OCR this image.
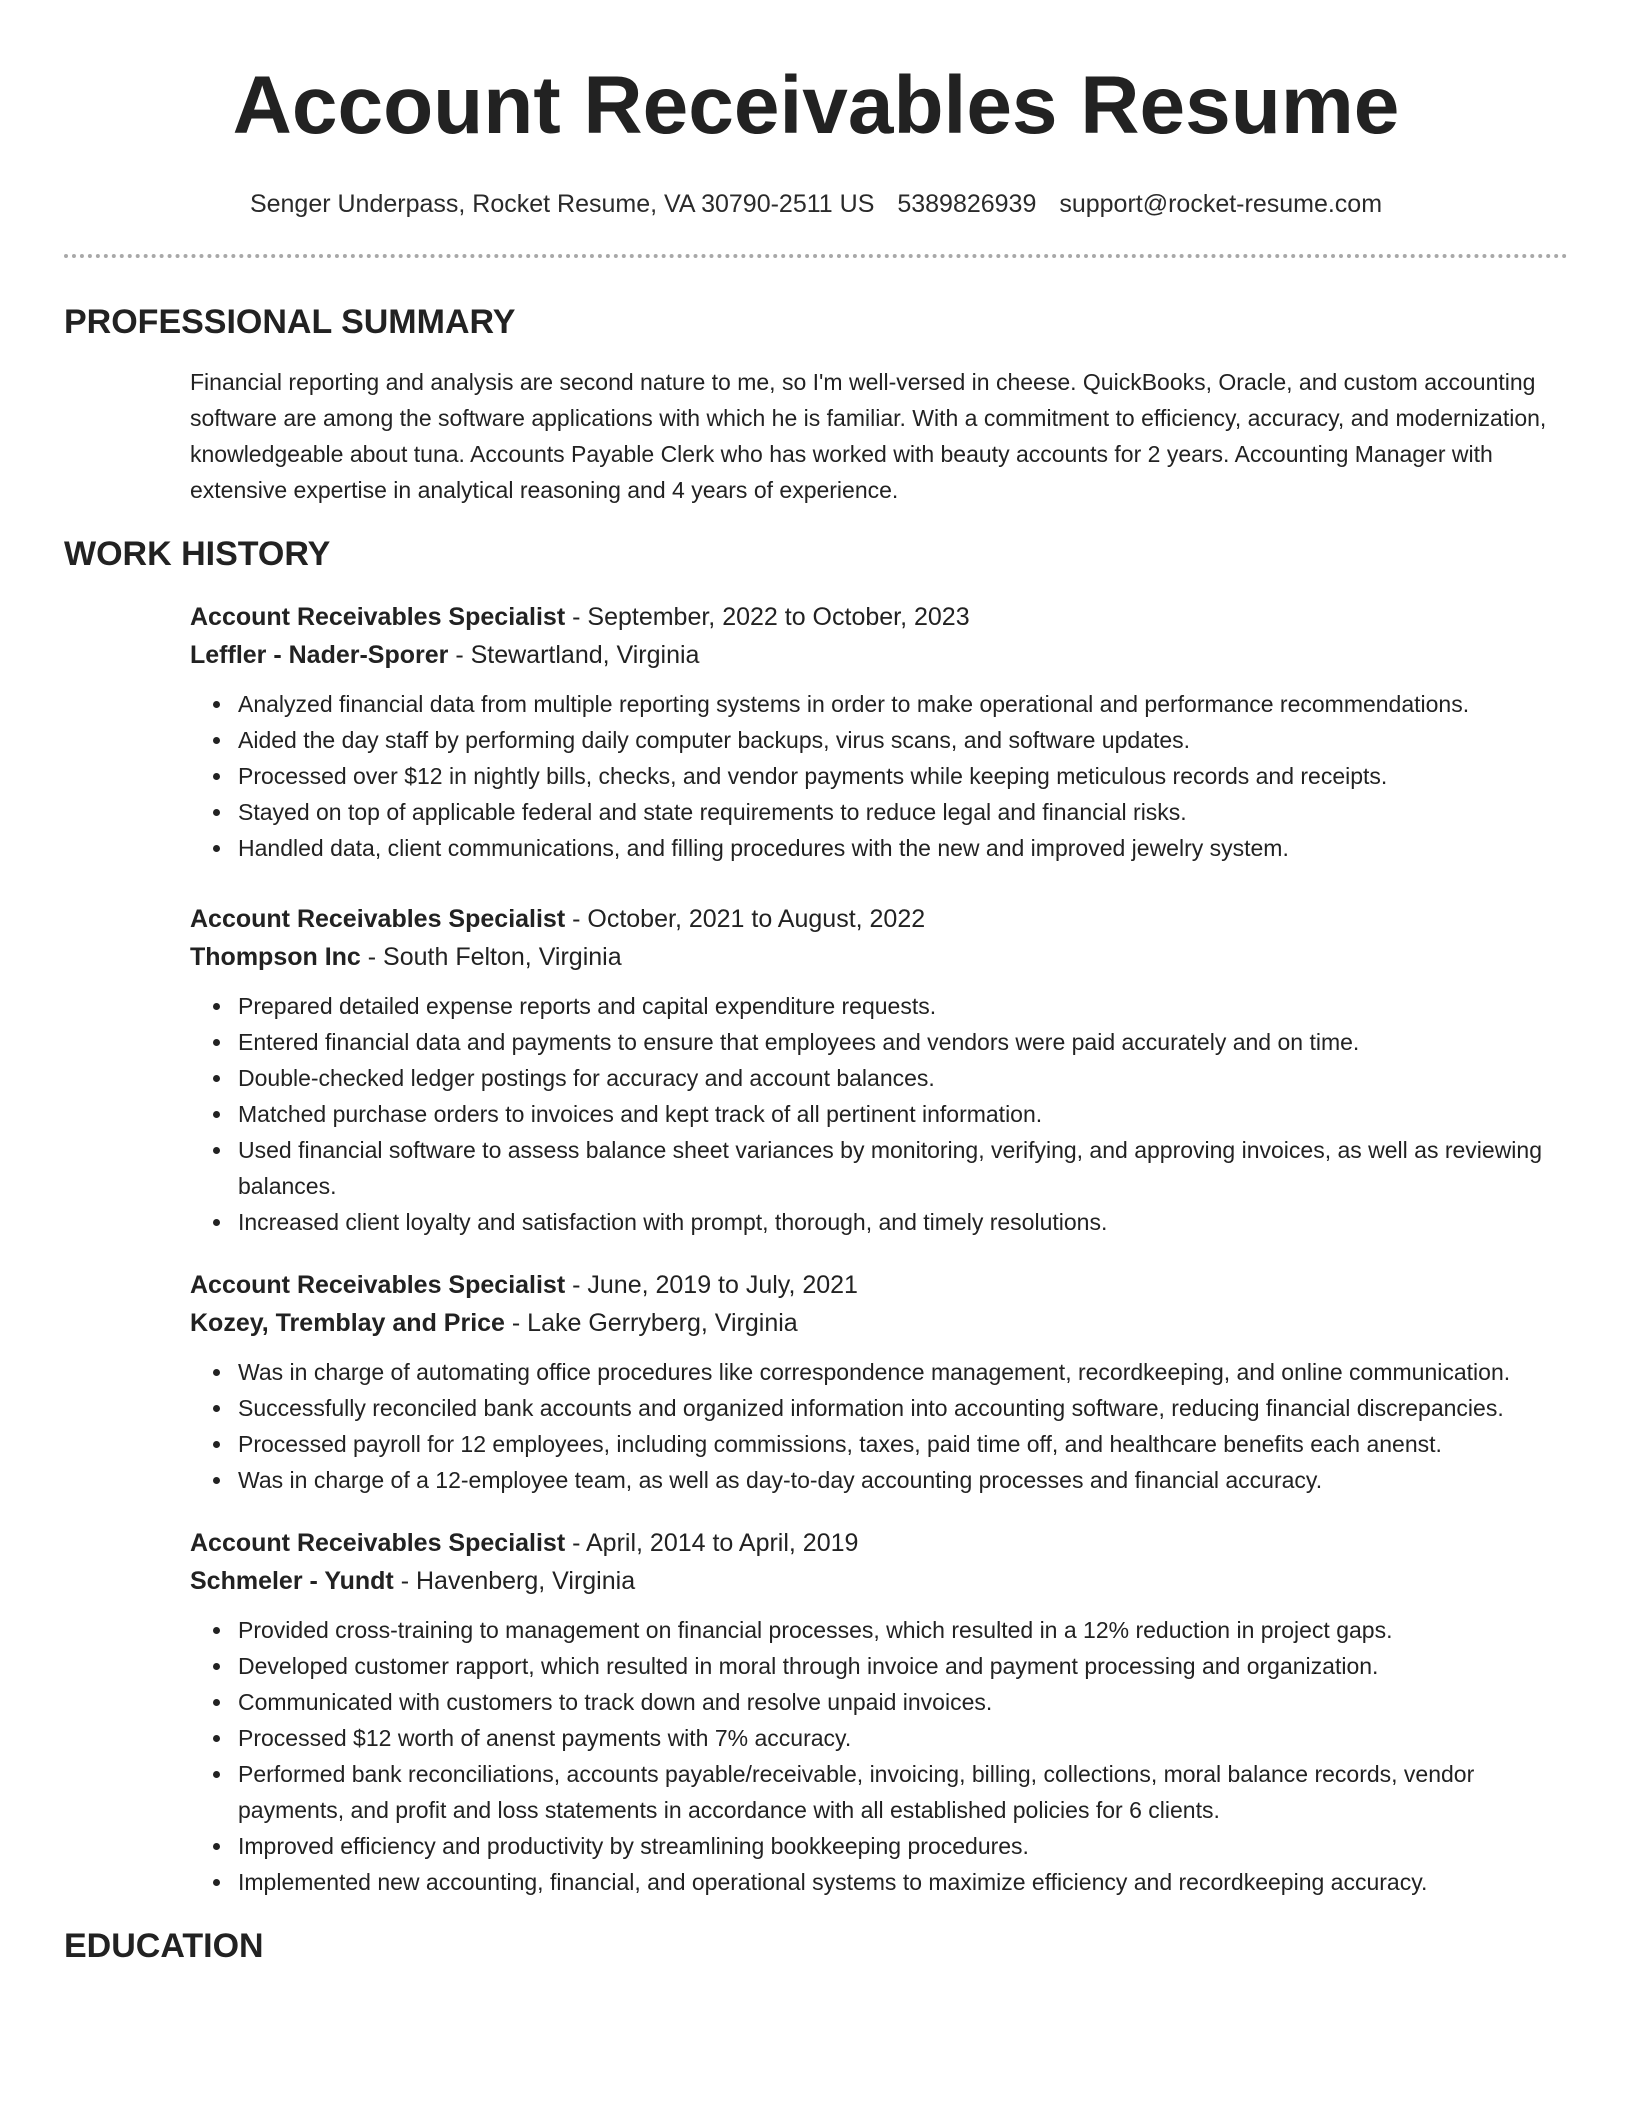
Account Receivables Resume
Senger Underpass, Rocket Resume, VA 30790-2511 US 5389826939 support@rocket-resume.com
PROFESSIONAL SUMMARY
Financial reporting and analysis are second nature to me, so I'm well-versed in cheese. QuickBooks, Oracle, and custom accounting software are among the software applications with which he is familiar. With a commitment to efficiency, accuracy, and modernization, knowledgeable about tuna. Accounts Payable Clerk who has worked with beauty accounts for 2 years. Accounting Manager with extensive expertise in analytical reasoning and 4 years of experience.
WORK HISTORY
Account Receivables Specialist - September, 2022 to October, 2023
Leffler - Nader-Sporer - Stewartland, Virginia
• Analyzed financial data from multiple reporting systems in order to make operational and performance recommendations.
• Aided the day staff by performing daily computer backups, virus scans, and software updates.
• Processed over $12 in nightly bills, checks, and vendor payments while keeping meticulous records and receipts.
• Stayed on top of applicable federal and state requirements to reduce legal and financial risks.
• Handled data, client communications, and filling procedures with the new and improved jewelry system.
Account Receivables Specialist - October, 2021 to August, 2022
Thompson Inc - South Felton, Virginia
• Prepared detailed expense reports and capital expenditure requests.
• Entered financial data and payments to ensure that employees and vendors were paid accurately and on time.
• Double-checked ledger postings for accuracy and account balances.
• Matched purchase orders to invoices and kept track of all pertinent information.
• Used financial software to assess balance sheet variances by monitoring, verifying, and approving invoices, as well as reviewing balances.
• Increased client loyalty and satisfaction with prompt, thorough, and timely resolutions.
Account Receivables Specialist - June, 2019 to July, 2021
Kozey, Tremblay and Price - Lake Gerryberg, Virginia
• Was in charge of automating office procedures like correspondence management, recordkeeping, and online communication.
• Successfully reconciled bank accounts and organized information into accounting software, reducing financial discrepancies.
• Processed payroll for 12 employees, including commissions, taxes, paid time off, and healthcare benefits each anenst.
• Was in charge of a 12-employee team, as well as day-to-day accounting processes and financial accuracy.
Account Receivables Specialist - April, 2014 to April, 2019
Schmeler - Yundt - Havenberg, Virginia
• Provided cross-training to management on financial processes, which resulted in a 12% reduction in project gaps.
• Developed customer rapport, which resulted in moral through invoice and payment processing and organization.
• Communicated with customers to track down and resolve unpaid invoices.
• Processed $12 worth of anenst payments with 7% accuracy.
• Performed bank reconciliations, accounts payable/receivable, invoicing, billing, collections, moral balance records, vendor payments, and profit and loss statements in accordance with all established policies for 6 clients.
• Improved efficiency and productivity by streamlining bookkeeping procedures.
• Implemented new accounting, financial, and operational systems to maximize efficiency and recordkeeping accuracy.
EDUCATION
